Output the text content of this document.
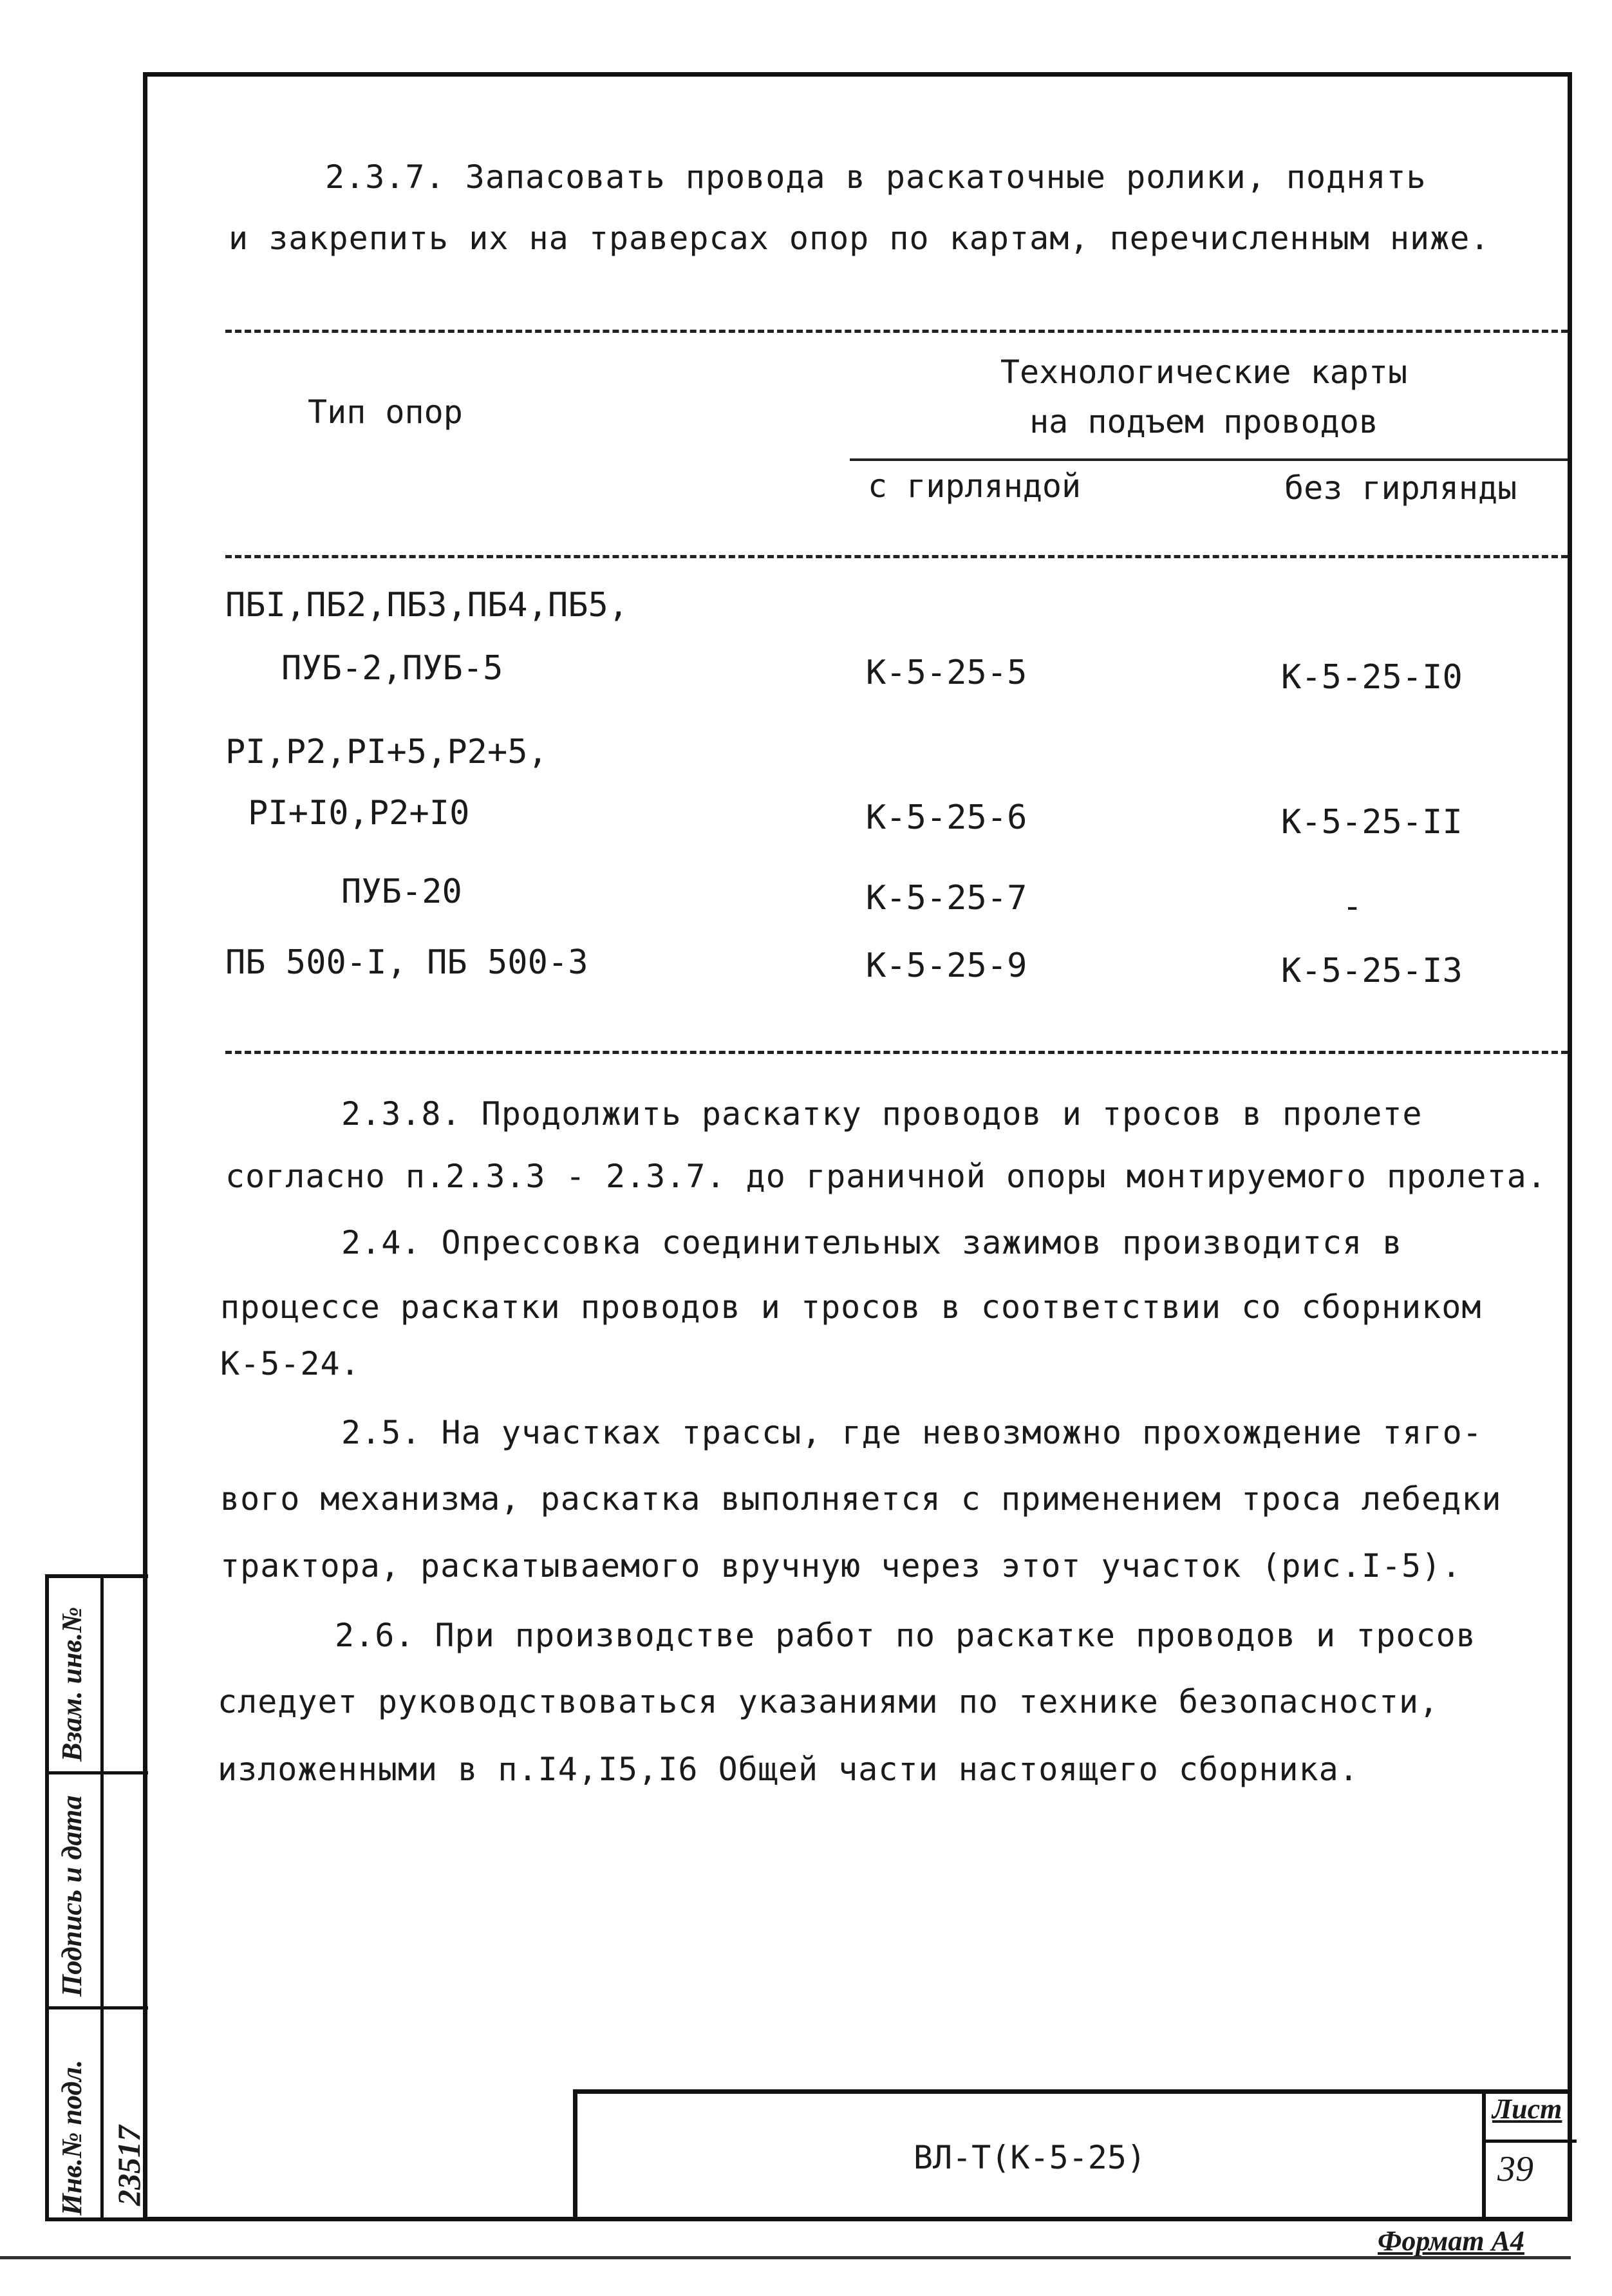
2.3.7. Запасовать провода в раскаточные ролики, поднять
и закрепить их на траверсах опор по картам, перечисленным ниже.
Тип опор
Технологические карты
на подъем проводов
с гирляндой	без гирлянды
ПБI,ПБ2,ПБ3,ПБ4,ПБ5,
ПУБ-2,ПУБ-5	К-5-25-5	К-5-25-I0
PI,P2,PI+5,P2+5,
PI+I0,P2+I0	К-5-25-6	К-5-25-II
ПУБ-20	К-5-25-7	-
ПБ 500-I, ПБ 500-3	К-5-25-9	К-5-25-I3
2.3.8. Продолжить раскатку проводов и тросов в пролете
согласно п.2.3.3 - 2.3.7. до граничной опоры монтируемого пролета.
2.4. Опрессовка соединительных зажимов производится в
процессе раскатки проводов и тросов в соответствии со сборником
К-5-24.
2.5. На участках трассы, где невозможно прохождение тяго-
вого механизма, раскатка выполняется с применением троса лебедки
трактора, раскатываемого вручную через этот участок (рис.I-5).
2.6. При производстве работ по раскатке проводов и тросов
следует руководствоваться указаниями по технике безопасности,
изложенными в п.I4,I5,I6 Общей части настоящего сборника.
Взам. инв.№
Подпись и дата
Инв.№ подл. 23517	ВЛ-Т(К-5-25)
Лист
39
Формат А4
